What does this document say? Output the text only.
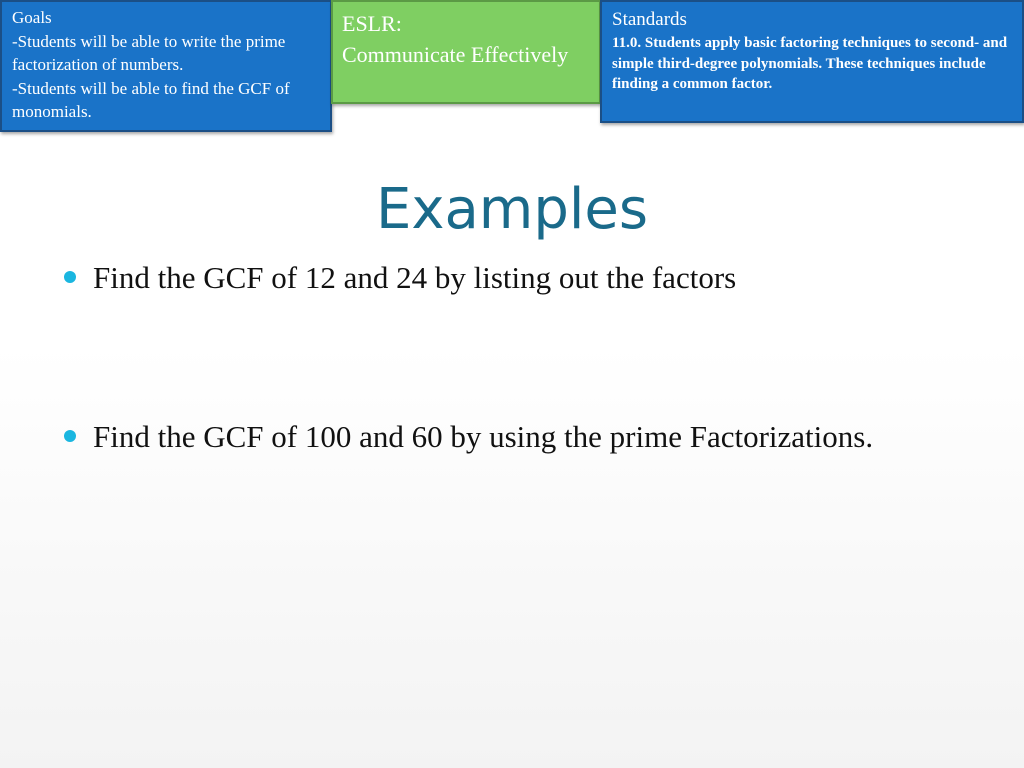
Goals

-Students will be able to write the prime factorization of numbers.

-Students will be able to find the GCF of monomials.

ESLR:

Communicate Effectively

Standards

11.0. Students apply basic factoring techniques to second- and simple third-degree polynomials. These techniques include finding a common factor.

Examples
Find the GCF of 12 and 24 by listing out the factors
Find the GCF of 100 and 60 by using the prime Factorizations.
